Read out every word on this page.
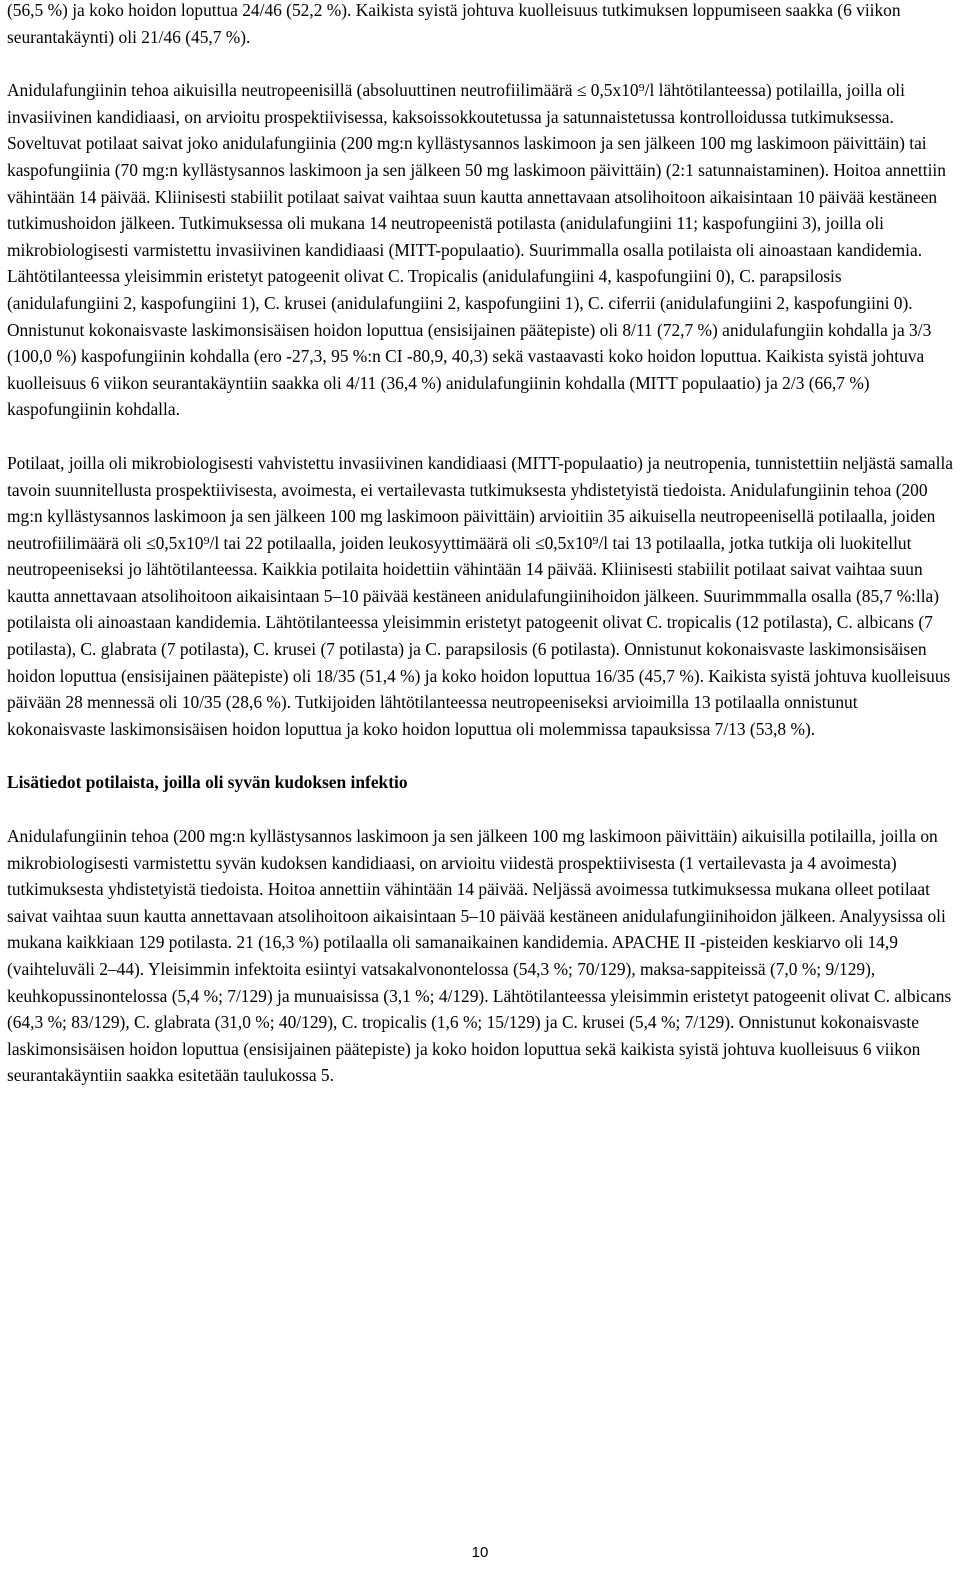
(56,5 %) ja koko hoidon loputtua 24/46 (52,2 %). Kaikista syistä johtuva kuolleisuus tutkimuksen loppumiseen saakka (6 viikon seurantakäynti) oli 21/46 (45,7 %).

Anidulafungiinin tehoa aikuisilla neutropeenisillä (absoluuttinen neutrofiilimäärä ≤ 0,5x10⁹/l lähtötilanteessa) potilailla, joilla oli invasiivinen kandidiaasi, on arvioitu prospektiivisessa, kaksoissokkoutetussa ja satunnaistetussa kontrolloidussa tutkimuksessa. Soveltuvat potilaat saivat joko anidulafungiinia (200 mg:n kyllästysannos laskimoon ja sen jälkeen 100 mg laskimoon päivittäin) tai kaspofungiinia (70 mg:n kyllästysannos laskimoon ja sen jälkeen 50 mg laskimoon päivittäin) (2:1 satunnaistaminen). Hoitoa annettiin vähintään 14 päivää. Kliinisesti stabiilit potilaat saivat vaihtaa suun kautta annettavaan atsolihoitoon aikaisintaan 10 päivää kestäneen tutkimushoidon jälkeen. Tutkimuksessa oli mukana 14 neutropeenistä potilasta (anidulafungiini 11; kaspofungiini 3), joilla oli mikrobiologisesti varmistettu invasiivinen kandidiaasi (MITT-populaatio). Suurimmalla osalla potilaista oli ainoastaan kandidemia. Lähtötilanteessa yleisimmin eristetyt patogeenit olivat C. Tropicalis (anidulafungiini 4, kaspofungiini 0), C. parapsilosis (anidulafungiini 2, kaspofungiini 1), C. krusei (anidulafungiini 2, kaspofungiini 1), C. ciferrii (anidulafungiini 2, kaspofungiini 0). Onnistunut kokonaisvaste laskimonsisäisen hoidon loputtua (ensisijainen päätepiste) oli 8/11 (72,7 %) anidulafungiin kohdalla ja 3/3 (100,0 %) kaspofungiinin kohdalla (ero -27,3, 95 %:n CI -80,9, 40,3) sekä vastaavasti koko hoidon loputtua. Kaikista syistä johtuva kuolleisuus 6 viikon seurantakäyntiin saakka oli 4/11 (36,4 %) anidulafungiinin kohdalla (MITT populaatio) ja 2/3 (66,7 %) kaspofungiinin kohdalla.

Potilaat, joilla oli mikrobiologisesti vahvistettu invasiivinen kandidiaasi (MITT-populaatio) ja neutropenia, tunnistettiin neljästä samalla tavoin suunnitellusta prospektiivisesta, avoimesta, ei vertailevasta tutkimuksesta yhdistetyistä tiedoista. Anidulafungiinin tehoa (200 mg:n kyllästysannos laskimoon ja sen jälkeen 100 mg laskimoon päivittäin) arvioitiin 35 aikuisella neutropeenisellä potilaalla, joiden neutrofiilimäärä oli ≤0,5x10⁹/l tai 22 potilaalla, joiden leukosyyttimäärä oli ≤0,5x10⁹/l tai 13 potilaalla, jotka tutkija oli luokitellut neutropeeniseksi jo lähtötilanteessa. Kaikkia potilaita hoidettiin vähintään 14 päivää. Kliinisesti stabiilit potilaat saivat vaihtaa suun kautta annettavaan atsolihoitoon aikaisintaan 5–10 päivää kestäneen anidulafungiinihoidon jälkeen. Suurimmmalla osalla (85,7 %:lla) potilaista oli ainoastaan kandidemia. Lähtötilanteessa yleisimmin eristetyt patogeenit olivat C. tropicalis (12 potilasta), C. albicans (7 potilasta), C. glabrata (7 potilasta), C. krusei (7 potilasta) ja C. parapsilosis (6 potilasta). Onnistunut kokonaisvaste laskimonsisäisen hoidon loputtua (ensisijainen päätepiste) oli 18/35 (51,4 %) ja koko hoidon loputtua 16/35 (45,7 %). Kaikista syistä johtuva kuolleisuus päivään 28 mennessä oli 10/35 (28,6 %). Tutkijoiden lähtötilanteessa neutropeeniseksi arvioimilla 13 potilaalla onnistunut kokonaisvaste laskimonsisäisen hoidon loputtua ja koko hoidon loputtua oli molemmissa tapauksissa 7/13 (53,8 %).

Lisätiedot potilaista, joilla oli syvän kudoksen infektio

Anidulafungiinin tehoa (200 mg:n kyllästysannos laskimoon ja sen jälkeen 100 mg laskimoon päivittäin) aikuisilla potilailla, joilla on mikrobiologisesti varmistettu syvän kudoksen kandidiaasi, on arvioitu viidestä prospektiivisesta (1 vertailevasta ja 4 avoimesta) tutkimuksesta yhdistetyistä tiedoista. Hoitoa annettiin vähintään 14 päivää. Neljässä avoimessa tutkimuksessa mukana olleet potilaat saivat vaihtaa suun kautta annettavaan atsolihoitoon aikaisintaan 5–10 päivää kestäneen anidulafungiinihoidon jälkeen. Analyysissa oli mukana kaikkiaan 129 potilasta. 21 (16,3 %) potilaalla oli samanaikainen kandidemia. APACHE II -pisteiden keskiarvo oli 14,9 (vaihteluväli 2–44). Yleisimmin infektoita esiintyi vatsakalvonontelossa (54,3 %; 70/129), maksa-sappiteissä (7,0 %; 9/129), keuhkopussinontelossa (5,4 %; 7/129) ja munuaisissa (3,1 %; 4/129). Lähtötilanteessa yleisimmin eristetyt patogeenit olivat C. albicans (64,3 %; 83/129), C. glabrata (31,0 %; 40/129), C. tropicalis (1,6 %; 15/129) ja C. krusei (5,4 %; 7/129). Onnistunut kokonaisvaste laskimonsisäisen hoidon loputtua (ensisijainen päätepiste) ja koko hoidon loputtua sekä kaikista syistä johtuva kuolleisuus 6 viikon seurantakäyntiin saakka esitetään taulukossa 5.

10
